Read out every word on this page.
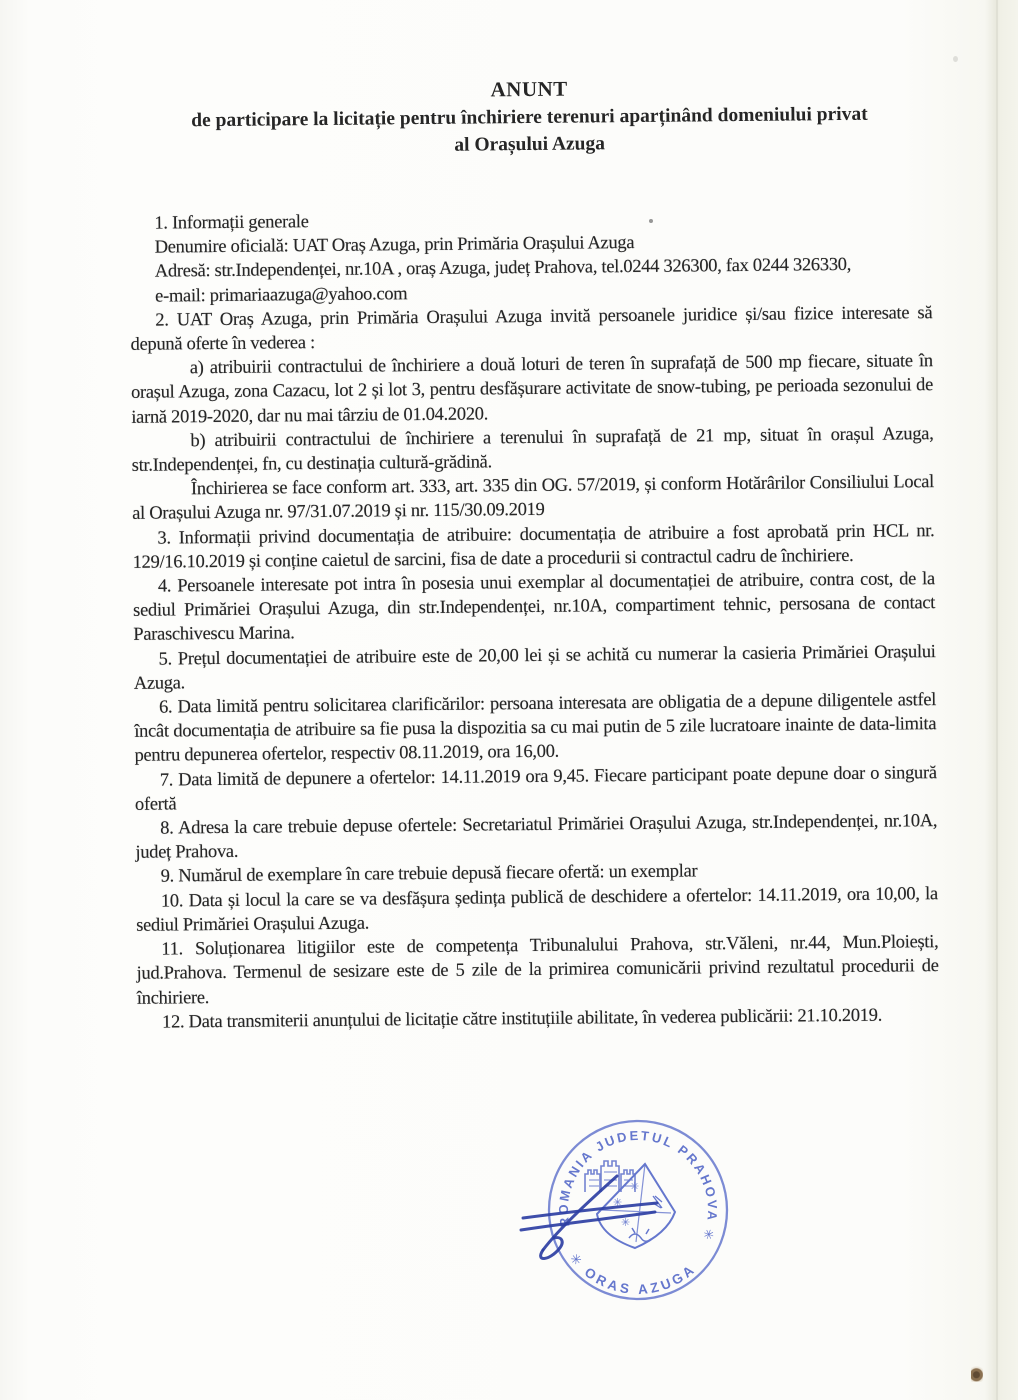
ANUNT

de participare la licitație pentru închiriere terenuri aparținând domeniului privat

al Orașului Azuga

1. Informații generale

Denumire oficială: UAT Oraș Azuga, prin Primăria Orașului Azuga

Adresă: str.Independenței, nr.10A , oraș Azuga, județ Prahova, tel.0244 326300, fax 0244 326330,

e-mail: primariaazuga@yahoo.com

2. UAT Oraș Azuga, prin Primăria Orașului Azuga invită persoanele juridice și/sau fizice interesate să depună oferte în vederea :

a) atribuirii contractului de închiriere a două loturi de teren în suprafață de 500 mp fiecare, situate în orașul Azuga, zona Cazacu, lot 2 și lot 3, pentru desfășurare activitate de snow-tubing, pe perioada sezonului de iarnă 2019-2020, dar nu mai târziu de 01.04.2020.

b) atribuirii contractului de închiriere a terenului în suprafață de 21 mp, situat în orașul Azuga, str.Independenței, fn, cu destinația cultură-grădină.

Închirierea se face conform art. 333, art. 335 din OG. 57/2019, și conform Hotărârilor Consiliului Local al Orașului Azuga nr. 97/31.07.2019 și nr. 115/30.09.2019

3. Informații privind documentația de atribuire: documentația de atribuire a fost aprobată prin HCL nr. 129/16.10.2019 și conține caietul de sarcini, fisa de date a procedurii si contractul cadru de închiriere.

4. Persoanele interesate pot intra în posesia unui exemplar al documentației de atribuire, contra cost, de la sediul Primăriei Orașului Azuga, din str.Independenței, nr.10A, compartiment tehnic, persosana de contact Paraschivescu Marina.

5. Prețul documentației de atribuire este de 20,00 lei și se achită cu numerar la casieria Primăriei Orașului Azuga.

6. Data limită pentru solicitarea clarificărilor: persoana interesata are obligatia de a depune diligentele astfel încât documentația de atribuire sa fie pusa la dispozitia sa cu mai putin de 5 zile lucratoare inainte de data-limita pentru depunerea ofertelor, respectiv 08.11.2019, ora 16,00.

7. Data limită de depunere a ofertelor: 14.11.2019 ora 9,45. Fiecare participant poate depune doar o singură ofertă

8. Adresa la care trebuie depuse ofertele: Secretariatul Primăriei Orașului Azuga, str.Independenței, nr.10A, județ Prahova.

9. Numărul de exemplare în care trebuie depusă fiecare ofertă: un exemplar

10. Data și locul la care se va desfășura ședința publică de deschidere a ofertelor: 14.11.2019, ora 10,00, la sediul Primăriei Orașului Azuga.

11. Soluționarea litigiilor este de competența Tribunalului Prahova, str.Văleni, nr.44, Mun.Ploiești, jud.Prahova. Termenul de sesizare este de 5 zile de la primirea comunicării privind rezultatul procedurii de închiriere.

12. Data transmiterii anunțului de licitație către instituțiile abilitate, în vederea publicării: 21.10.2019.

ROMANIA JUDETUL PRAHOVA ✳
✳ ORAS AZUGA
✳
✳
✳
